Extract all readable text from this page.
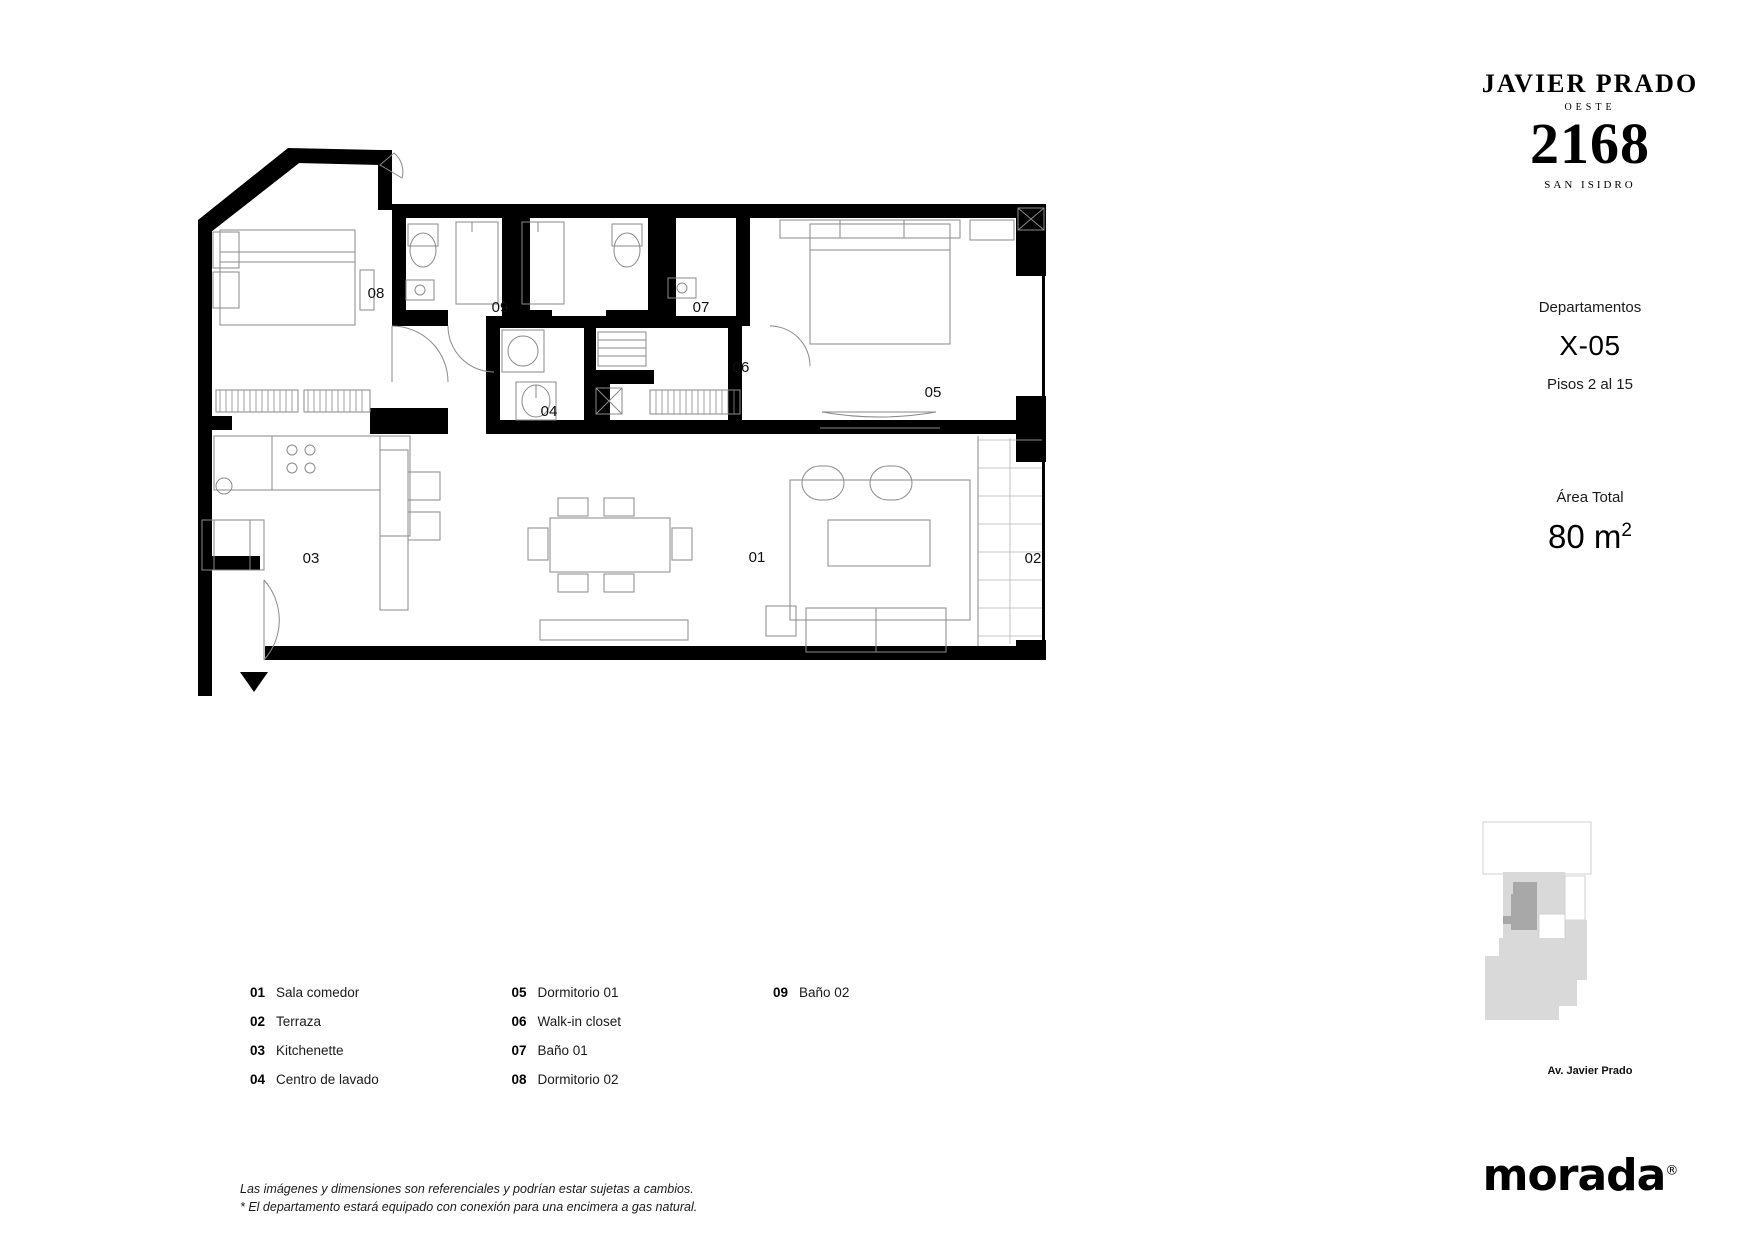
08
09	07
06
05
04
03	01	02
JAVIER PRADO
OESTE
2168
SAN ISIDRO
Departamentos
X-05
Pisos 2 al 15
Área Total
80 $m^2$
Av. Javier Prado
morada®
01 Sala comedor
02 Terraza
03 Kitchenette
04 Centro de lavado
05 Dormitorio 01
06 Walk-in closet
07 Baño 01
08 Dormitorio 02
09 Baño 02
Las imágenes y dimensiones son referenciales y podrían estar sujetas a cambios.
* El departamento estará equipado con conexión para una encimera a gas natural.
